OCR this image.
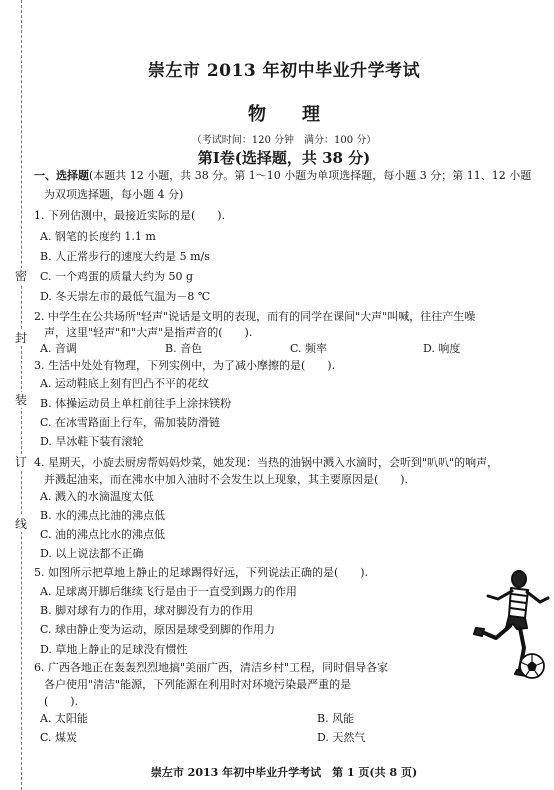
密
封
装
订
线
崇左市 2013 年初中毕业升学考试
物　　理
（考试时间：120 分钟　满分：100 分）
第Ⅰ卷(选择题，共 38 分)
一、选择题(本题共 12 小题，共 38 分。第 1～10 小题为单项选择题，每小题 3 分；第 11、12 小题
为双项选择题，每小题 4 分)
1. 下列估测中，最接近实际的是(　　).
A. 钢笔的长度约 1.1 m
B. 人正常步行的速度大约是 5 m/s
C. 一个鸡蛋的质量大约为 50 g
D. 冬天崇左市的最低气温为－8 ℃
2. 中学生在公共场所"轻声"说话是文明的表现，而有的同学在课间"大声"叫喊，往往产生噪
声，这里"轻声"和"大声"是指声音的(　　).
A. 音调	B. 音色	C. 频率	D. 响度
3. 生活中处处有物理，下列实例中，为了减小摩擦的是(　　).
A. 运动鞋底上刻有凹凸不平的花纹
B. 体操运动员上单杠前往手上涂抹镁粉
C. 在冰雪路面上行车，需加装防滑链
D. 旱冰鞋下装有滚轮
4. 星期天，小旋去厨房帮妈妈炒菜，她发现：当热的油锅中溅入水滴时，会听到"叭叭"的响声，
并溅起油来，而在沸水中加入油时不会发生以上现象，其主要原因是(　　).
A. 溅入的水滴温度太低
B. 水的沸点比油的沸点低
C. 油的沸点比水的沸点低
D. 以上说法都不正确
5. 如图所示把草地上静止的足球踢得好远，下列说法正确的是(　　).
A. 足球离开脚后继续飞行是由于一直受到踢力的作用
B. 脚对球有力的作用，球对脚没有力的作用
C. 球由静止变为运动，原因是球受到脚的作用力
D. 草地上静止的足球没有惯性
6. 广西各地正在轰轰烈烈地搞"美丽广西，清洁乡村"工程，同时倡导各家
各户使用"清洁"能源，下列能源在利用时对环境污染最严重的是
(　　).
A. 太阳能	B. 风能
C. 煤炭	D. 天然气
崇左市 2013 年初中毕业升学考试　第 1 页(共 8 页)
